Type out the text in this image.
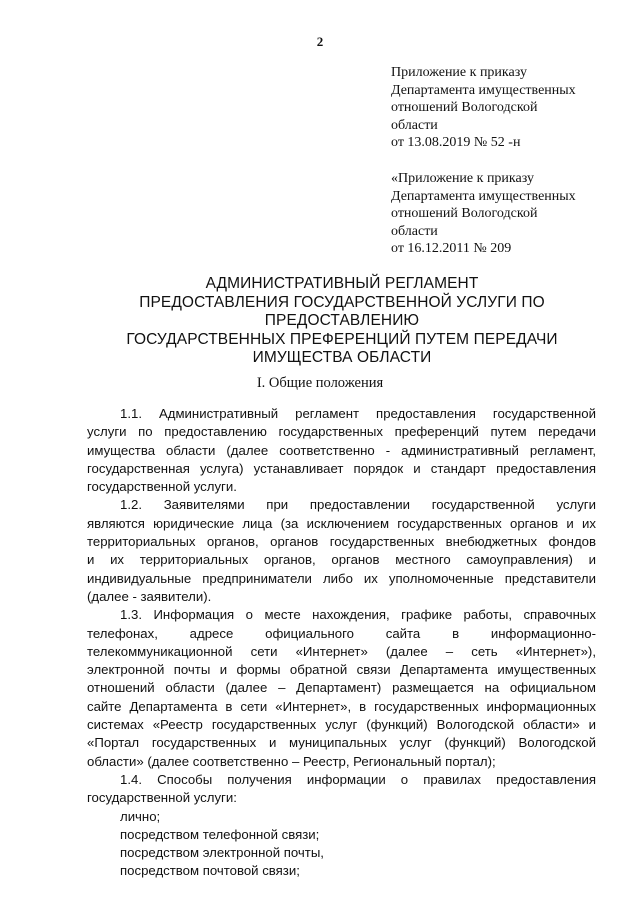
2
Приложение к приказу
Департамента имущественных
отношений Вологодской
области
от 13.08.2019 № 52 -н
«Приложение к приказу
Департамента имущественных
отношений Вологодской
области
от 16.12.2011 № 209
АДМИНИСТРАТИВНЫЙ РЕГЛАМЕНТ
ПРЕДОСТАВЛЕНИЯ ГОСУДАРСТВЕННОЙ УСЛУГИ ПО
ПРЕДОСТАВЛЕНИЮ
ГОСУДАРСТВЕННЫХ ПРЕФЕРЕНЦИЙ ПУТЕМ ПЕРЕДАЧИ
ИМУЩЕСТВА ОБЛАСТИ
I. Общие положения
1.1. Административный регламент предоставления государственной
услуги по предоставлению государственных преференций путем передачи
имущества области (далее соответственно - административный регламент,
государственная услуга) устанавливает порядок и стандарт предоставления
государственной услуги.
1.2. Заявителями при предоставлении государственной услуги
являются юридические лица (за исключением государственных органов и их
территориальных органов, органов государственных внебюджетных фондов
и их территориальных органов, органов местного самоуправления) и
индивидуальные предприниматели либо их уполномоченные представители
(далее - заявители).
1.3. Информация о месте нахождения, графике работы, справочных
телефонах, адресе официального сайта в информационно-
телекоммуникационной сети «Интернет» (далее – сеть «Интернет»),
электронной почты и формы обратной связи Департамента имущественных
отношений области (далее – Департамент) размещается на официальном
сайте Департамента в сети «Интернет», в государственных информационных
системах «Реестр государственных услуг (функций) Вологодской области» и
«Портал государственных и муниципальных услуг (функций) Вологодской
области» (далее соответственно – Реестр, Региональный портал);
1.4. Способы получения информации о правилах предоставления
государственной услуги:
лично;
посредством телефонной связи;
посредством электронной почты,
посредством почтовой связи;
